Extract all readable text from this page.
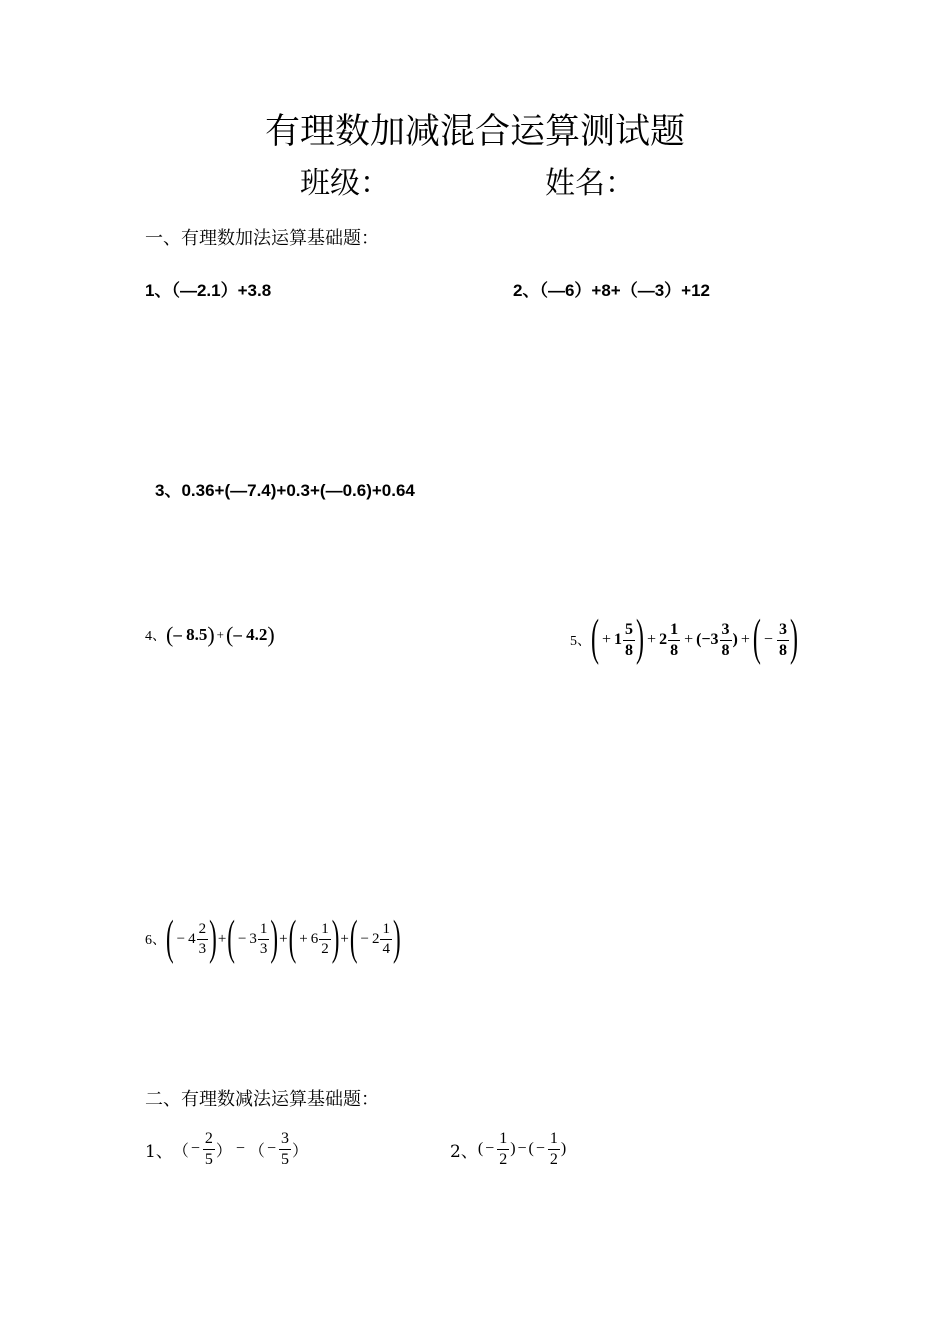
有理数加减混合运算测试题
班级：	姓名：
一、有理数加法运算基础题：
1、（—2.1）+3.8	2、（—6）+8+（—3）+12
3、0.36+(—7.4)+0.3+(—0.6)+0.64
4、 ( – 8.5 ) + ( – 4.2 )	5、 ( + $1 \frac{5}{8}$ ) + $2 \frac{1}{8}$ + ( − $3 \frac{3}{8}$ ) + ( − $\frac{3}{8}$ )
6、 ( − $4 \frac{2}{3}$ ) + ( − $3 \frac{1}{3}$ ) + ( + $6 \frac{1}{2}$ ) + ( − $2 \frac{1}{4}$ )
二、有理数减法运算基础题：
1、 （ − $\frac{2}{5}$ ） − （ − $\frac{3}{5}$ ）	2、 ( − $\frac{1}{2}$ ) − ( − $\frac{1}{2}$ )
